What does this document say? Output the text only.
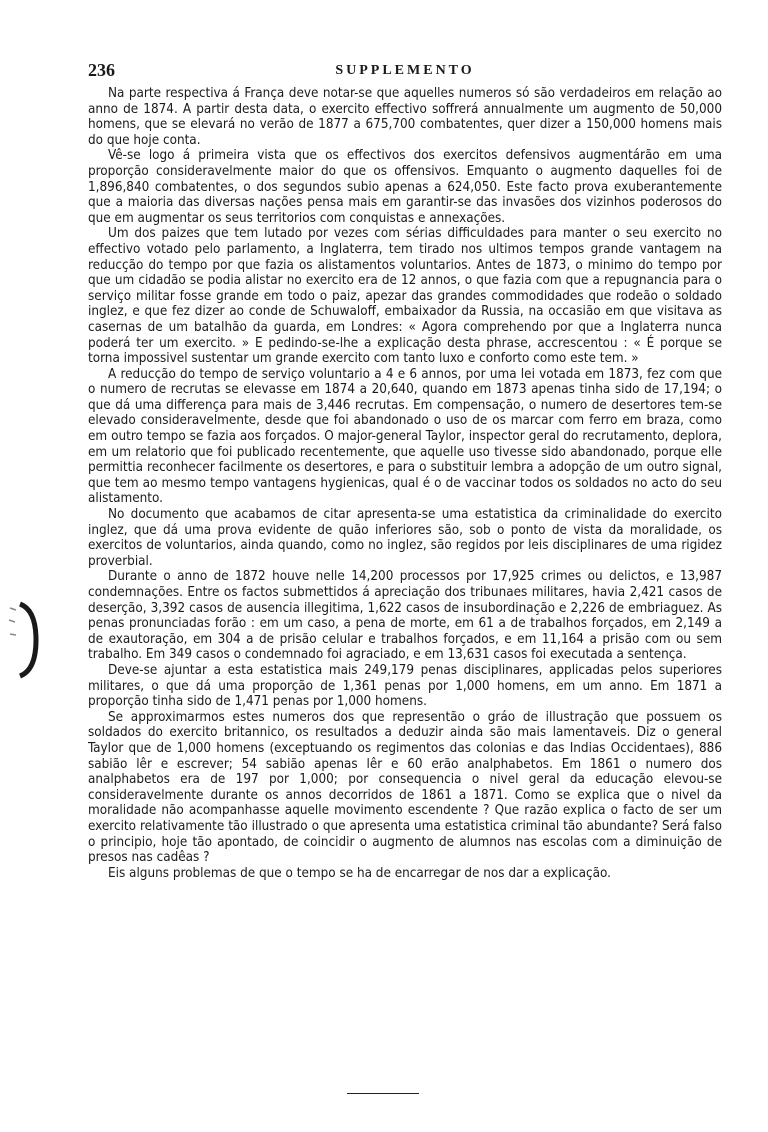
236	SUPPLEMENTO

Na parte respectiva á França deve notar-se que aquelles numeros só são verdadeiros em relação ao anno de 1874. A partir desta data, o exercito effectivo soffrerá annualmente um augmento de 50,000 homens, que se elevará no verão de 1877 a 675,700 combatentes, quer dizer a 150,000 homens mais do que hoje conta.

Vê-se logo á primeira vista que os effectivos dos exercitos defensivos augmentárão em uma proporção consideravelmente maior do que os offensivos. Emquanto o augmento daquelles foi de 1,896,840 combatentes, o dos segundos subio apenas a 624,050. Este facto prova exuberantemente que a maioria das diversas nações pensa mais em garantir-se das invasões dos vizinhos poderosos do que em augmentar os seus territorios com conquistas e annexações.

Um dos paizes que tem lutado por vezes com sérias difficuldades para manter o seu exercito no effectivo votado pelo parlamento, a Inglaterra, tem tirado nos ultimos tempos grande vantagem na reducção do tempo por que fazia os alistamentos voluntarios. Antes de 1873, o minimo do tempo por que um cidadão se podia alistar no exercito era de 12 annos, o que fazia com que a repugnancia para o serviço militar fosse grande em todo o paiz, apezar das grandes commodidades que rodeão o soldado inglez, e que fez dizer ao conde de Schuwaloff, embaixador da Russia, na occasião em que visitava as casernas de um batalhão da guarda, em Londres: « Agora comprehendo por que a Inglaterra nunca poderá ter um exercito. » E pedindo-se-lhe a explicação desta phrase, accrescentou : « É porque se torna impossivel sustentar um grande exercito com tanto luxo e conforto como este tem. »

A reducção do tempo de serviço voluntario a 4 e 6 annos, por uma lei votada em 1873, fez com que o numero de recrutas se elevasse em 1874 a 20,640, quando em 1873 apenas tinha sido de 17,194; o que dá uma differença para mais de 3,446 recrutas. Em compensação, o numero de desertores tem-se elevado consideravelmente, desde que foi abandonado o uso de os marcar com ferro em braza, como em outro tempo se fazia aos forçados. O major-general Taylor, inspector geral do recrutamento, deplora, em um relatorio que foi publicado recentemente, que aquelle uso tivesse sido abandonado, porque elle permittia reconhecer facilmente os desertores, e para o substituir lembra a adopção de um outro signal, que tem ao mesmo tempo vantagens hygienicas, qual é o de vaccinar todos os soldados no acto do seu alistamento.

No documento que acabamos de citar apresenta-se uma estatistica da criminalidade do exercito inglez, que dá uma prova evidente de quão inferiores são, sob o ponto de vista da moralidade, os exercitos de voluntarios, ainda quando, como no inglez, são regidos por leis disciplinares de uma rigidez proverbial.

Durante o anno de 1872 houve nelle 14,200 processos por 17,925 crimes ou delictos, e 13,987 condemnações. Entre os factos submettidos á apreciação dos tribunaes militares, havia 2,421 casos de deserção, 3,392 casos de ausencia illegitima, 1,622 casos de insubordinação e 2,226 de embriaguez. As penas pronunciadas forão : em um caso, a pena de morte, em 61 a de trabalhos forçados, em 2,149 a de exautoração, em 304 a de prisão celular e trabalhos forçados, e em 11,164 a prisão com ou sem trabalho. Em 349 casos o condemnado foi agraciado, e em 13,631 casos foi executada a sentença.

Deve-se ajuntar a esta estatistica mais 249,179 penas disciplinares, applicadas pelos superiores militares, o que dá uma proporção de 1,361 penas por 1,000 homens, em um anno. Em 1871 a proporção tinha sido de 1,471 penas por 1,000 homens.

Se approximarmos estes numeros dos que representão o gráo de illustração que possuem os soldados do exercito britannico, os resultados a deduzir ainda são mais lamentaveis. Diz o general Taylor que de 1,000 homens (exceptuando os regimentos das colonias e das Indias Occidentaes), 886 sabião lêr e escrever; 54 sabião apenas lêr e 60 erão analphabetos. Em 1861 o numero dos analphabetos era de 197 por 1,000; por consequencia o nivel geral da educação elevou-se consideravelmente durante os annos decorridos de 1861 a 1871. Como se explica que o nivel da moralidade não acompanhasse aquelle movimento escendente ? Que razão explica o facto de ser um exercito relativamente tão illustrado o que apresenta uma estatistica criminal tão abundante? Será falso o principio, hoje tão apontado, de coincidir o augmento de alumnos nas escolas com a diminuição de presos nas cadêas ?

Eis alguns problemas de que o tempo se ha de encarregar de nos dar a explicação.
